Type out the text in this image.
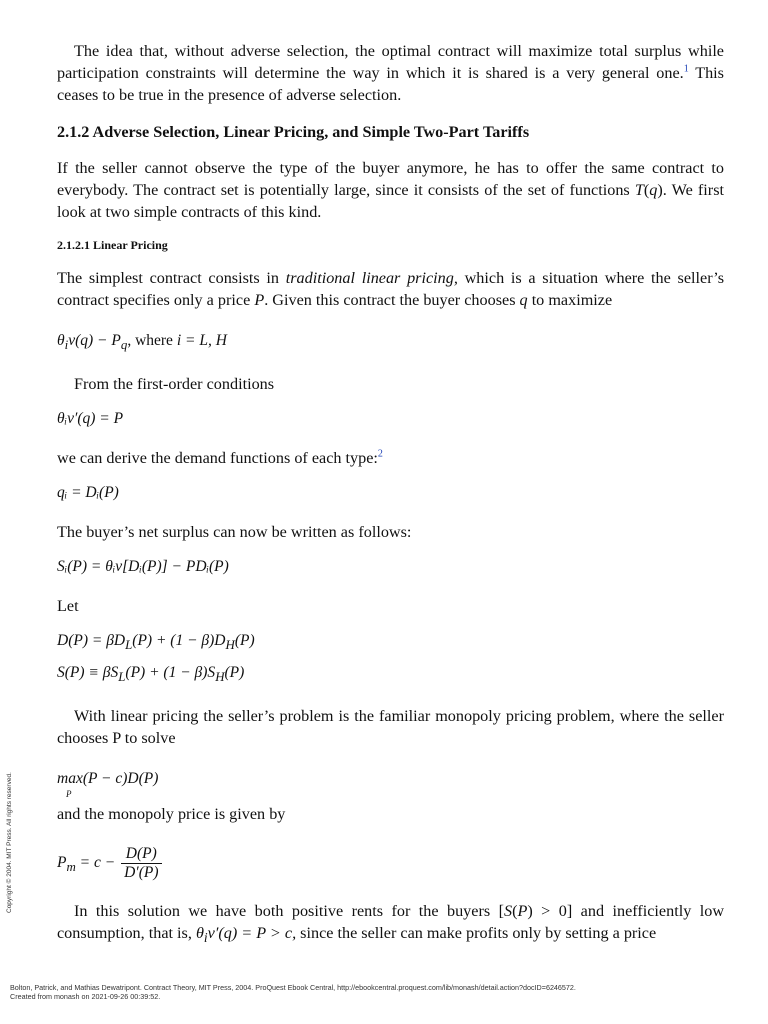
The idea that, without adverse selection, the optimal contract will maximize total surplus while participation constraints will determine the way in which it is shared is a very general one.$^1$ This ceases to be true in the presence of adverse selection.

2.1.2 Adverse Selection, Linear Pricing, and Simple Two-Part Tariffs

If the seller cannot observe the type of the buyer anymore, he has to offer the same contract to everybody. The contract set is potentially large, since it consists of the set of functions T(q). We first look at two simple contracts of this kind.

2.1.2.1 Linear Pricing

The simplest contract consists in traditional linear pricing, which is a situation where the seller’s contract specifies only a price P. Given this contract the buyer chooses q to maximize

$\theta_iv(q) - P_q$, where i = L, H

From the first-order conditions

θᵢv′(q) = P

we can derive the demand functions of each type:$^2$

qᵢ = Dᵢ(P)

The buyer’s net surplus can now be written as follows:

Sᵢ(P) = θᵢv[Dᵢ(P)] − PDᵢ(P)

Let

$D(P) = \beta D_L(P) + (1 - \beta)D_H(P)$
$S(P) \equiv \beta S_L(P) + (1 - \beta)S_H(P)$

With linear pricing the seller’s problem is the familiar monopoly pricing problem, where the seller chooses P to solve

max
P
(P − c)D(P)

and the monopoly price is given by

$P_m = c - \frac{D(P)}{D'(P)}$

In this solution we have both positive rents for the buyers [S(P) > 0] and inefficiently low consumption, that is, $\theta_iv'(q) = P > c$, since the seller can make profits only by setting a price

Copyright © 2004. MIT Press. All rights reserved.
Bolton, Patrick, and Mathias Dewatripont. Contract Theory, MIT Press, 2004. ProQuest Ebook Central, http://ebookcentral.proquest.com/lib/monash/detail.action?docID=6246572.
Created from monash on 2021-09-26 00:39:52.
